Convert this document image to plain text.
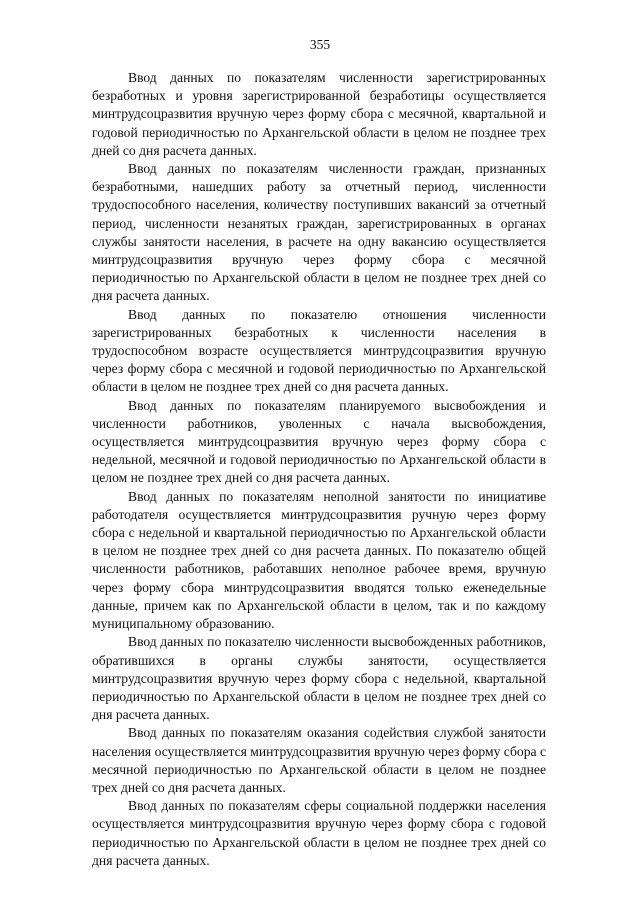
355

Ввод данных по показателям численности зарегистрированных безработных и уровня зарегистрированной безработицы осуществляется минтрудсоцразвития вручную через форму сбора с месячной, квартальной и годовой периодичностью по Архангельской области в целом не позднее трех дней со дня расчета данных.

Ввод данных по показателям численности граждан, признанных безработными, нашедших работу за отчетный период, численности трудоспособного населения, количеству поступивших вакансий за отчетный период, численности незанятых граждан, зарегистрированных в органах службы занятости населения, в расчете на одну вакансию осуществляется минтрудсоцразвития вручную через форму сбора с месячной периодичностью по Архангельской области в целом не позднее трех дней со дня расчета данных.

Ввод данных по показателю отношения численности зарегистрированных безработных к численности населения в трудоспособном возрасте осуществляется минтрудсоцразвития вручную через форму сбора с месячной и годовой периодичностью по Архангельской области в целом не позднее трех дней со дня расчета данных.

Ввод данных по показателям планируемого высвобождения и численности работников, уволенных с начала высвобождения, осуществляется минтрудсоцразвития вручную через форму сбора с недельной, месячной и годовой периодичностью по Архангельской области в целом не позднее трех дней со дня расчета данных.

Ввод данных по показателям неполной занятости по инициативе работодателя осуществляется минтрудсоцразвития ручную через форму сбора с недельной и квартальной периодичностью по Архангельской области в целом не позднее трех дней со дня расчета данных. По показателю общей численности работников, работавших неполное рабочее время, вручную через форму сбора минтрудсоцразвития вводятся только еженедельные данные, причем как по Архангельской области в целом, так и по каждому муниципальному образованию.

Ввод данных по показателю численности высвобожденных работников, обратившихся в органы службы занятости, осуществляется минтрудсоцразвития вручную через форму сбора с недельной, квартальной периодичностью по Архангельской области в целом не позднее трех дней со дня расчета данных.

Ввод данных по показателям оказания содействия службой занятости населения осуществляется минтрудсоцразвития вручную через форму сбора с месячной периодичностью по Архангельской области в целом не позднее трех дней со дня расчета данных.

Ввод данных по показателям сферы социальной поддержки населения осуществляется минтрудсоцразвития вручную через форму сбора с годовой периодичностью по Архангельской области в целом не позднее трех дней со дня расчета данных.
